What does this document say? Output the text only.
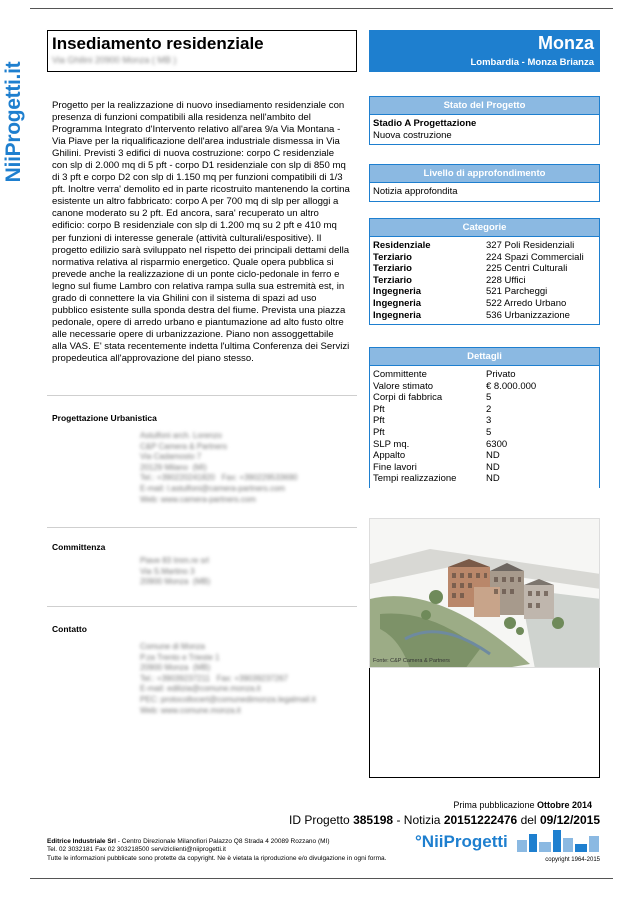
NiiProgetti.it
Insediamento residenziale
Via Ghilini 20900 Monza ( MB )
Monza
Lombardia - Monza Brianza
Progetto per la realizzazione di nuovo insediamento residenziale con presenza di funzioni compatibili alla residenza nell'ambito del Programma Integrato d'Intervento relativo all'area 9/a Via Montana - Via Piave per la riqualificazione dell'area industriale dismessa in Via Ghilini. Previsti 3 edifici di nuova costruzione: corpo C residenziale con slp di 2.000 mq di 5 pft - corpo D1 residenziale con slp di 850 mq di 3 pft e corpo D2 con slp di 1.150 mq per funzioni compatibili di 1/3 pft. Inoltre verra' demolito ed in parte ricostruito mantenendo la cortina esistente un altro fabbricato: corpo A per 700 mq di slp per alloggi a canone moderato su 2 pft. Ed ancora, sara' recuperato un altro edificio: corpo B residenziale con slp di 1.200 mq su 2 pft e 410 mq per funzioni di interesse generale (attività culturali/espositive). Il progetto edilizio sarà sviluppato nel rispetto dei principali dettami della normativa relativa al risparmio energetico. Quale opera pubblica si prevede anche la realizzazione di un ponte ciclo-pedonale in ferro e legno sul fiume Lambro con relativa rampa sulla sua estremità est, in grado di connettere la via Ghilini con il sistema di spazi ad uso pubblico esistente sulla sponda destra del fiume. Prevista una piazza pedonale, opere di arredo urbano e piantumazione ad alto fusto oltre alle necessarie opere di urbanizzazione. Piano non assoggettabile alla VAS. E' stata recentemente indetta l'ultima Conferenza dei Servizi propedeutica all'approvazione del piano stesso.
Progettazione Urbanistica
Astulfoni arch. Lorenzo
C&P Camera & Partners
Via Cadamosto 7
20129 Milano  (MI)
Tel.: +390220241820   Fax: +390229533690
E-mail: l.astulfoni@camera-partners.com
Web: www.camera-partners.com
Committenza
Piave 83 Imm.re srl
Via S.Martino 3
20900 Monza  (MB)
Contatto
Comune di Monza
P.za Trento e Trieste 1
20900 Monza  (MB)
Tel.: +39039237211   Fax: +39039237267
E-mail: edilizia@comune.monza.it
PEC: protocollocert@comunedimonza.legalmail.it
Web: www.comune.monza.it
Stato del Progetto
Stadio A Progettazione
Nuova costruzione
Livello di approfondimento
Notizia approfondita
Categorie
Residenziale	327 Poli Residenziali
Terziario	224 Spazi Commerciali
Terziario	225 Centri Culturali
Terziario	228 Uffici
Ingegneria	521 Parcheggi
Ingegneria	522 Arredo Urbano
Ingegneria	536 Urbanizzazione
Dettagli
Committente	Privato
Valore stimato	€ 8.000.000
Corpi di fabbrica	5
Pft	2
Pft	3
Pft	5
SLP mq.	6300
Appalto	ND
Fine lavori	ND
Tempi realizzazione	ND
Fonte: C&P Camera & Partners
Prima pubblicazione Ottobre 2014
ID Progetto 385198 - Notizia 20151222476 del 09/12/2015
Editrice Industriale Srl - Centro Direzionale Milanofiori Palazzo Q8 Strada 4 20089 Rozzano (MI)
Tel. 02 3032181 Fax 02 303218500 serviziclienti@niiprogetti.it
Tutte le informazioni pubblicate sono protette da copyright. Ne è vietata la riproduzione e/o divulgazione in ogni forma.
°NiiProgetti
copyright 1964-2015
